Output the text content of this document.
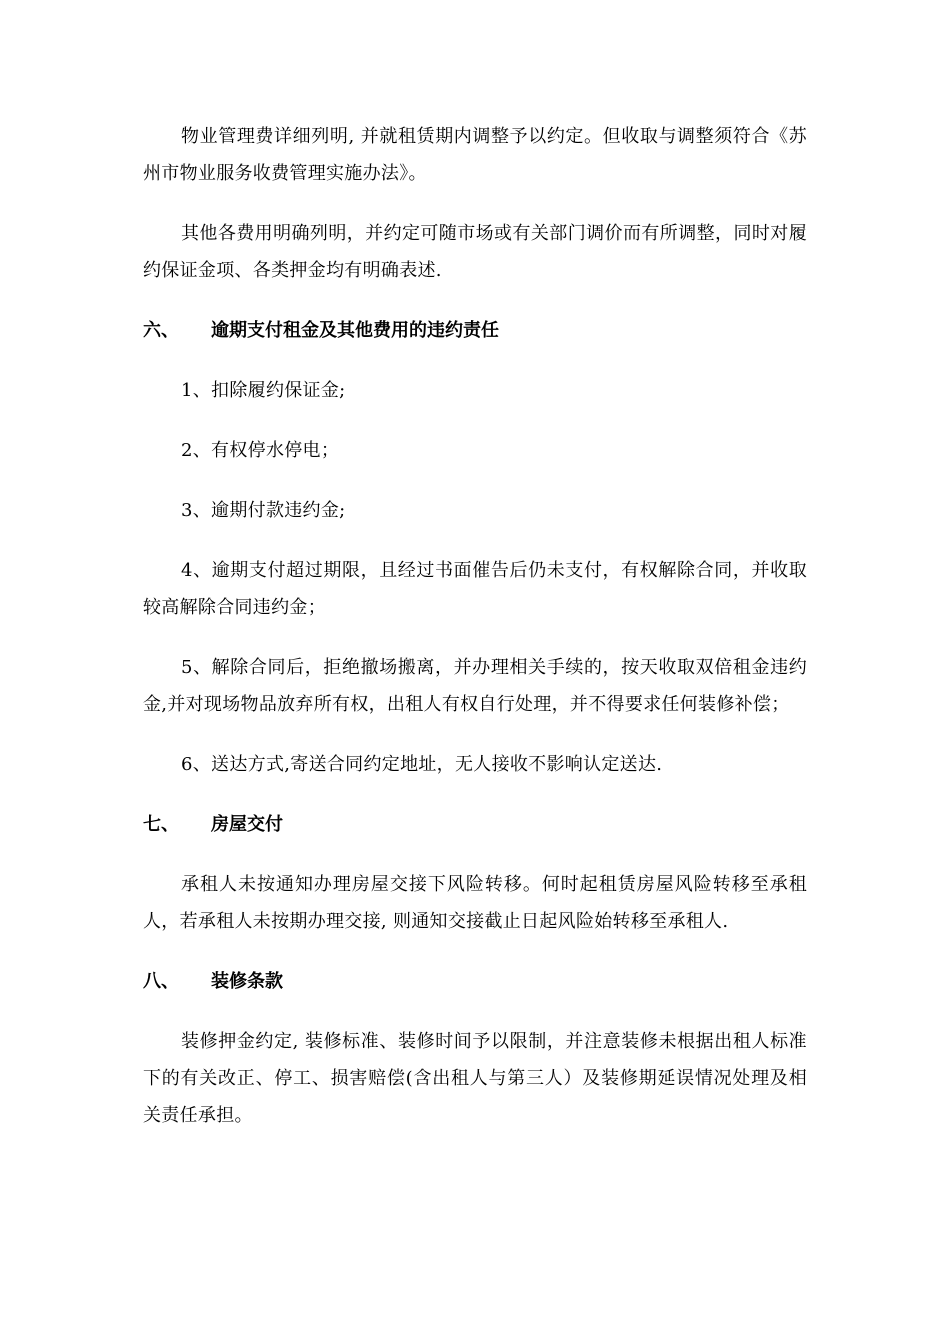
物业管理费详细列明, 并就租赁期内调整予以约定。但收取与调整须符合《苏州市物业服务收费管理实施办法》。

其他各费用明确列明，并约定可随市场或有关部门调价而有所调整，同时对履约保证金项、各类押金均有明确表述.

六、	逾期支付租金及其他费用的违约责任

1、扣除履约保证金;

2、有权停水停电；

3、逾期付款违约金;

4、逾期支付超过期限，且经过书面催告后仍未支付，有权解除合同，并收取较高解除合同违约金；

5、解除合同后，拒绝撤场搬离，并办理相关手续的，按天收取双倍租金违约金,并对现场物品放弃所有权，出租人有权自行处理，并不得要求任何装修补偿；

6、送达方式,寄送合同约定地址，无人接收不影响认定送达.

七、	房屋交付

承租人未按通知办理房屋交接下风险转移。何时起租赁房屋风险转移至承租人，若承租人未按期办理交接, 则通知交接截止日起风险始转移至承租人.

八、	装修条款

装修押金约定, 装修标准、装修时间予以限制，并注意装修未根据出租人标准下的有关改正、停工、损害赔偿(含出租人与第三人）及装修期延误情况处理及相关责任承担。
